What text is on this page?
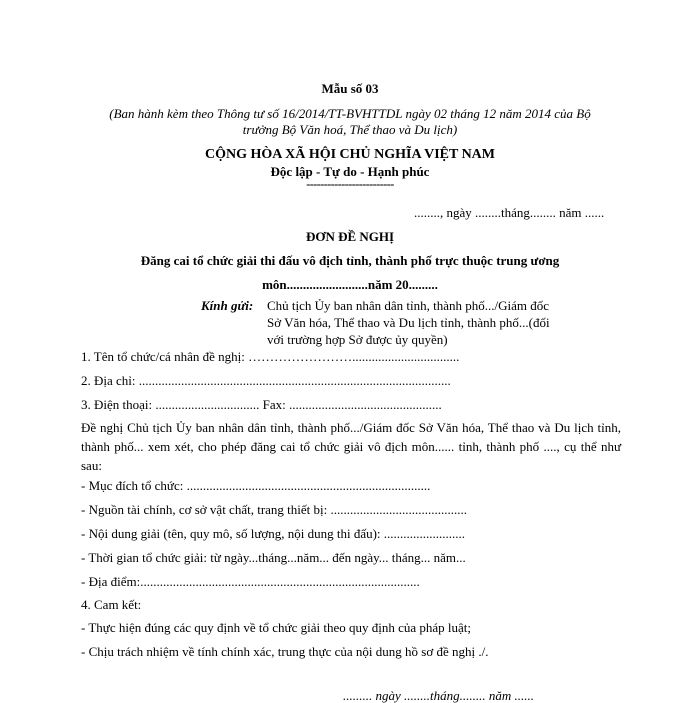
Mẫu số 03
(Ban hành kèm theo Thông tư số 16/2014/TT-BVHTTDL ngày 02 tháng 12 năm 2014 của Bộ
trưởng Bộ Văn hoá, Thể thao và Du lịch)
CỘNG HÒA XÃ HỘI CHỦ NGHĨA VIỆT NAM
Độc lập - Tự do - Hạnh phúc
-------------------------
........, ngày ........tháng........ năm ......
ĐƠN ĐỀ NGHỊ
Đăng cai tổ chức giải thi đấu vô địch tỉnh, thành phố trực thuộc trung ương
môn.........................năm 20.........
Kính gửi: Chủ tịch Ủy ban nhân dân tỉnh, thành phố.../Giám đốc
Sở Văn hóa, Thể thao và Du lịch tỉnh, thành phố...(đối
với trường hợp Sở được ủy quyền)
1. Tên tổ chức/cá nhân đề nghị: …………………….................................
2. Địa chỉ: ................................................................................................
3. Điện thoại: ................................ Fax: ...............................................
Đề nghị Chủ tịch Ủy ban nhân dân tỉnh, thành phố.../Giám đốc Sở Văn hóa, Thể thao và Du lịch tỉnh, thành phố... xem xét, cho phép đăng cai tổ chức giải vô địch môn...... tỉnh, thành phố ...., cụ thể như sau:
- Mục đích tổ chức: ...........................................................................
- Nguồn tài chính, cơ sở vật chất, trang thiết bị: ..........................................
- Nội dung giải (tên, quy mô, số lượng, nội dung thi đấu): .........................
- Thời gian tổ chức giải: từ ngày...tháng...năm... đến ngày... tháng... năm...
- Địa điểm:......................................................................................
4. Cam kết:
- Thực hiện đúng các quy định về tổ chức giải theo quy định của pháp luật;
- Chịu trách nhiệm về tính chính xác, trung thực của nội dung hồ sơ đề nghị ./.
......... ngày ........tháng........ năm ......
